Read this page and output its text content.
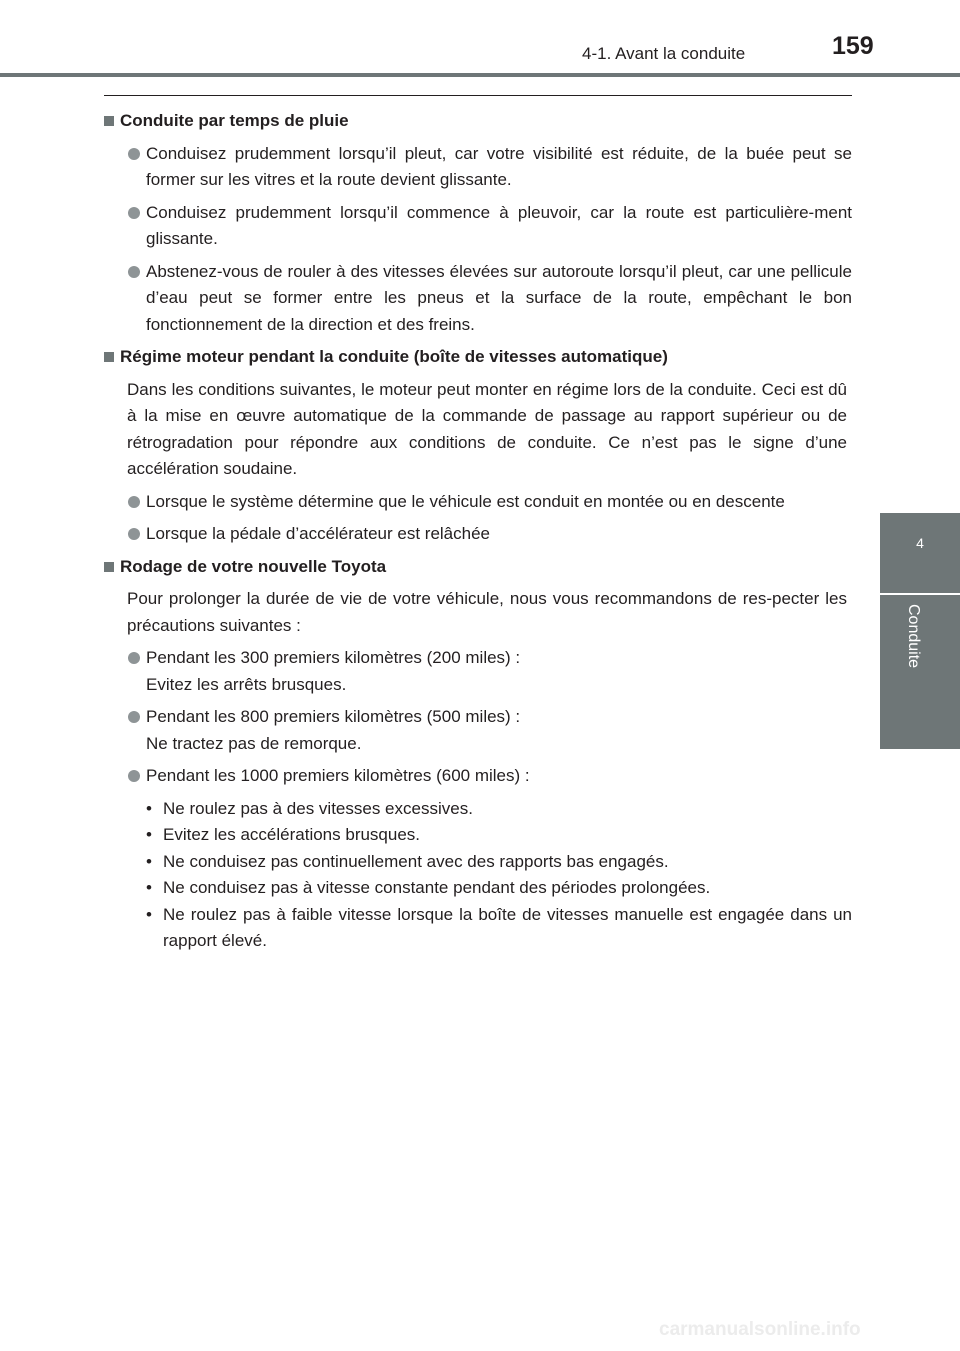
4-1. Avant la conduite	159
4
Conduite
Conduite par temps de pluie
Conduisez prudemment lorsqu’il pleut, car votre visibilité est réduite, de la buée peut se former sur les vitres et la route devient glissante.
Conduisez prudemment lorsqu’il commence à pleuvoir, car la route est particulière-ment glissante.
Abstenez-vous de rouler à des vitesses élevées sur autoroute lorsqu’il pleut, car une pellicule d’eau peut se former entre les pneus et la surface de la route, empêchant le bon fonctionnement de la direction et des freins.
Régime moteur pendant la conduite (boîte de vitesses automatique)
Dans les conditions suivantes, le moteur peut monter en régime lors de la conduite. Ceci est dû à la mise en œuvre automatique de la commande de passage au rapport supérieur ou de rétrogradation pour répondre aux conditions de conduite. Ce n’est pas le signe d’une accélération soudaine.
Lorsque le système détermine que le véhicule est conduit en montée ou en descente
Lorsque la pédale d’accélérateur est relâchée
Rodage de votre nouvelle Toyota
Pour prolonger la durée de vie de votre véhicule, nous vous recommandons de res-pecter les précautions suivantes :
Pendant les 300 premiers kilomètres (200 miles) :
Evitez les arrêts brusques.
Pendant les 800 premiers kilomètres (500 miles) :
Ne tractez pas de remorque.
Pendant les 1000 premiers kilomètres (600 miles) :
• Ne roulez pas à des vitesses excessives.
• Evitez les accélérations brusques.
• Ne conduisez pas continuellement avec des rapports bas engagés.
• Ne conduisez pas à vitesse constante pendant des périodes prolongées.
• Ne roulez pas à faible vitesse lorsque la boîte de vitesses manuelle est engagée dans un rapport élevé.
carmanualsonline.info
